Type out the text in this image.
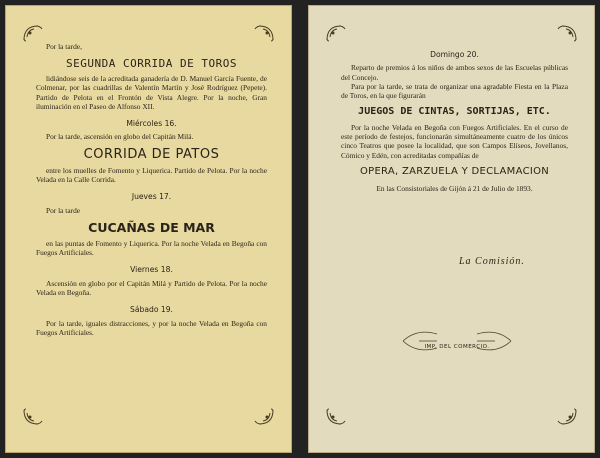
Por la tarde,

SEGUNDA CORRIDA DE TOROS

lidiándose seis de la acreditada ganadería de D. Manuel García Fuente, de Colmenar, por las cuadrillas de Valentín Martín y José Rodríguez (Pepete). Partido de Pelota en el Frontón de Vista Alegre. Por la noche, Gran iluminación en el Paseo de Alfonso XII.

Miércoles 16.

Por la tarde, ascensión en globo del Capitán Milá.

CORRIDA DE PATOS

entre los muelles de Fomento y Liquerica. Partido de Pelota. Por la noche Velada en la Calle Corrida.

Jueves 17.

Por la tarde

CUCAÑAS DE MAR

en las puntas de Fomento y Liquerica. Por la noche Velada en Begoña con Fuegos Artificiales.

Viernes 18.

Ascensión en globo por el Capitán Milá y Partido de Pelota. Por la noche Velada en Begoña.

Sábado 19.

Por la tarde, iguales distracciones, y por la noche Velada en Begoña con Fuegos Artificiales.

Domingo 20.

Reparto de premios á los niños de ambos sexos de las Escuelas públicas del Concejo.

Para por la tarde, se trata de organizar una agradable Fiesta en la Plaza de Toros, en la que figurarán

JUEGOS DE CINTAS, SORTIJAS, ETC.

Por la noche Velada en Begoña con Fuegos Artificiales. En el curso de este período de festejos, funcionarán simultáneamente cuatro de los únicos cinco Teatros que posee la localidad, que son Campos Elíseos, Jovellanos, Cómico y Edén, con acreditadas compañías de

OPERA, ZARZUELA Y DECLAMACION
En las Consistoriales de Gijón á 21 de Julio de 1893.
La Comisión.
$_{IMP. DEL COMERCIO.}$
